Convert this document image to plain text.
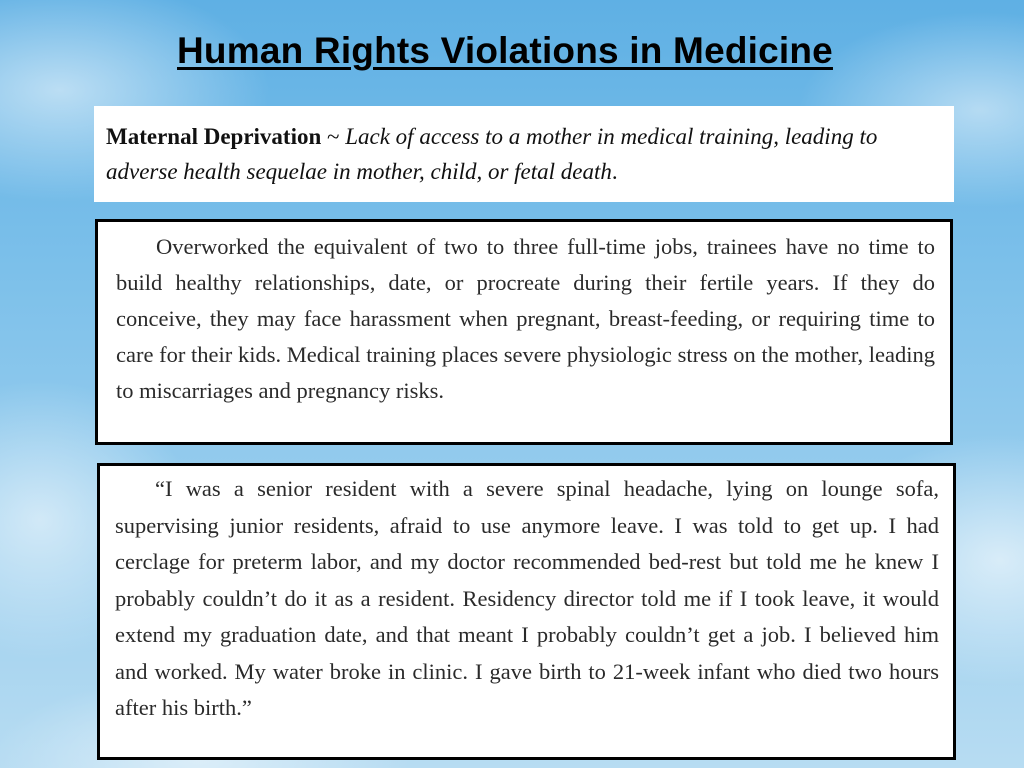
Human Rights Violations in Medicine
Maternal Deprivation ~ Lack of access to a mother in medical training, leading to adverse health sequelae in mother, child, or fetal death.
Overworked the equivalent of two to three full-time jobs, trainees have no time to build healthy relationships, date, or procreate during their fertile years. If they do conceive, they may face harassment when pregnant, breast-feeding, or requiring time to care for their kids. Medical training places severe physiologic stress on the mother, leading to miscarriages and pregnancy risks.
“I was a senior resident with a severe spinal headache, lying on lounge sofa, supervising junior residents, afraid to use anymore leave. I was told to get up. I had cerclage for preterm labor, and my doctor recommended bed-rest but told me he knew I probably couldn’t do it as a resident. Residency director told me if I took leave, it would extend my graduation date, and that meant I probably couldn’t get a job. I believed him and worked. My water broke in clinic. I gave birth to 21-week infant who died two hours after his birth.”
